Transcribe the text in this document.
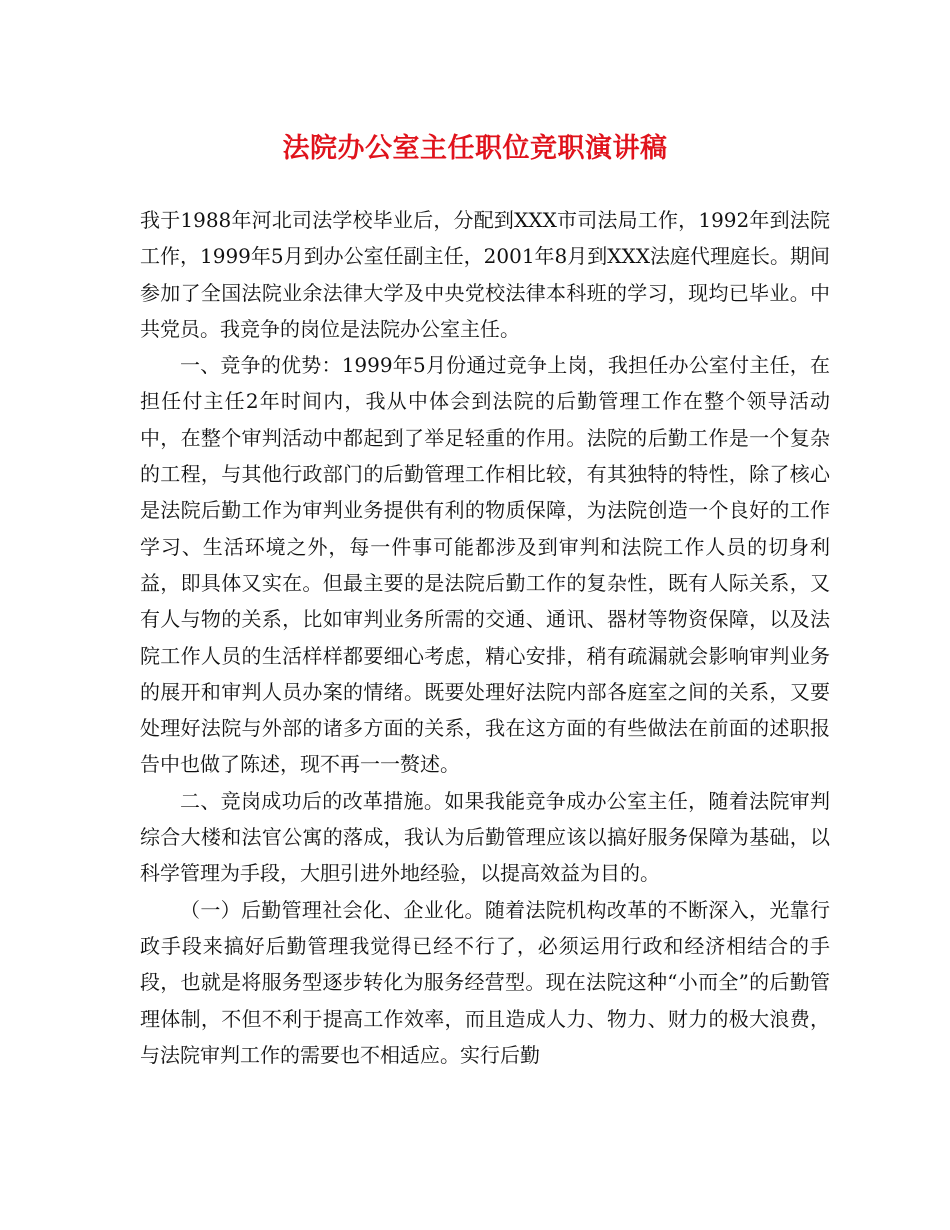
法院办公室主任职位竞职演讲稿

我于1988年河北司法学校毕业后，分配到XXX市司法局工作，1992年到法院工作，1999年5月到办公室任副主任，2001年8月到XXX法庭代理庭长。期间参加了全国法院业余法律大学及中央党校法律本科班的学习，现均已毕业。中共党员。我竞争的岗位是法院办公室主任。

一、竞争的优势：1999年5月份通过竞争上岗，我担任办公室付主任，在担任付主任2年时间内，我从中体会到法院的后勤管理工作在整个领导活动中，在整个审判活动中都起到了举足轻重的作用。法院的后勤工作是一个复杂的工程，与其他行政部门的后勤管理工作相比较，有其独特的特性，除了核心是法院后勤工作为审判业务提供有利的物质保障，为法院创造一个良好的工作学习、生活环境之外，每一件事可能都涉及到审判和法院工作人员的切身利益，即具体又实在。但最主要的是法院后勤工作的复杂性，既有人际关系，又有人与物的关系，比如审判业务所需的交通、通讯、器材等物资保障，以及法院工作人员的生活样样都要细心考虑，精心安排，稍有疏漏就会影响审判业务的展开和审判人员办案的情绪。既要处理好法院内部各庭室之间的关系，又要处理好法院与外部的诸多方面的关系，我在这方面的有些做法在前面的述职报告中也做了陈述，现不再一一赘述。

二、竞岗成功后的改革措施。如果我能竞争成办公室主任，随着法院审判综合大楼和法官公寓的落成，我认为后勤管理应该以搞好服务保障为基础，以科学管理为手段，大胆引进外地经验，以提高效益为目的。

（一）后勤管理社会化、企业化。随着法院机构改革的不断深入，光靠行政手段来搞好后勤管理我觉得已经不行了，必须运用行政和经济相结合的手段，也就是将服务型逐步转化为服务经营型。现在法院这种“小而全”的后勤管理体制，不但不利于提高工作效率，而且造成人力、物力、财力的极大浪费，与法院审判工作的需要也不相适应。实行后勤
